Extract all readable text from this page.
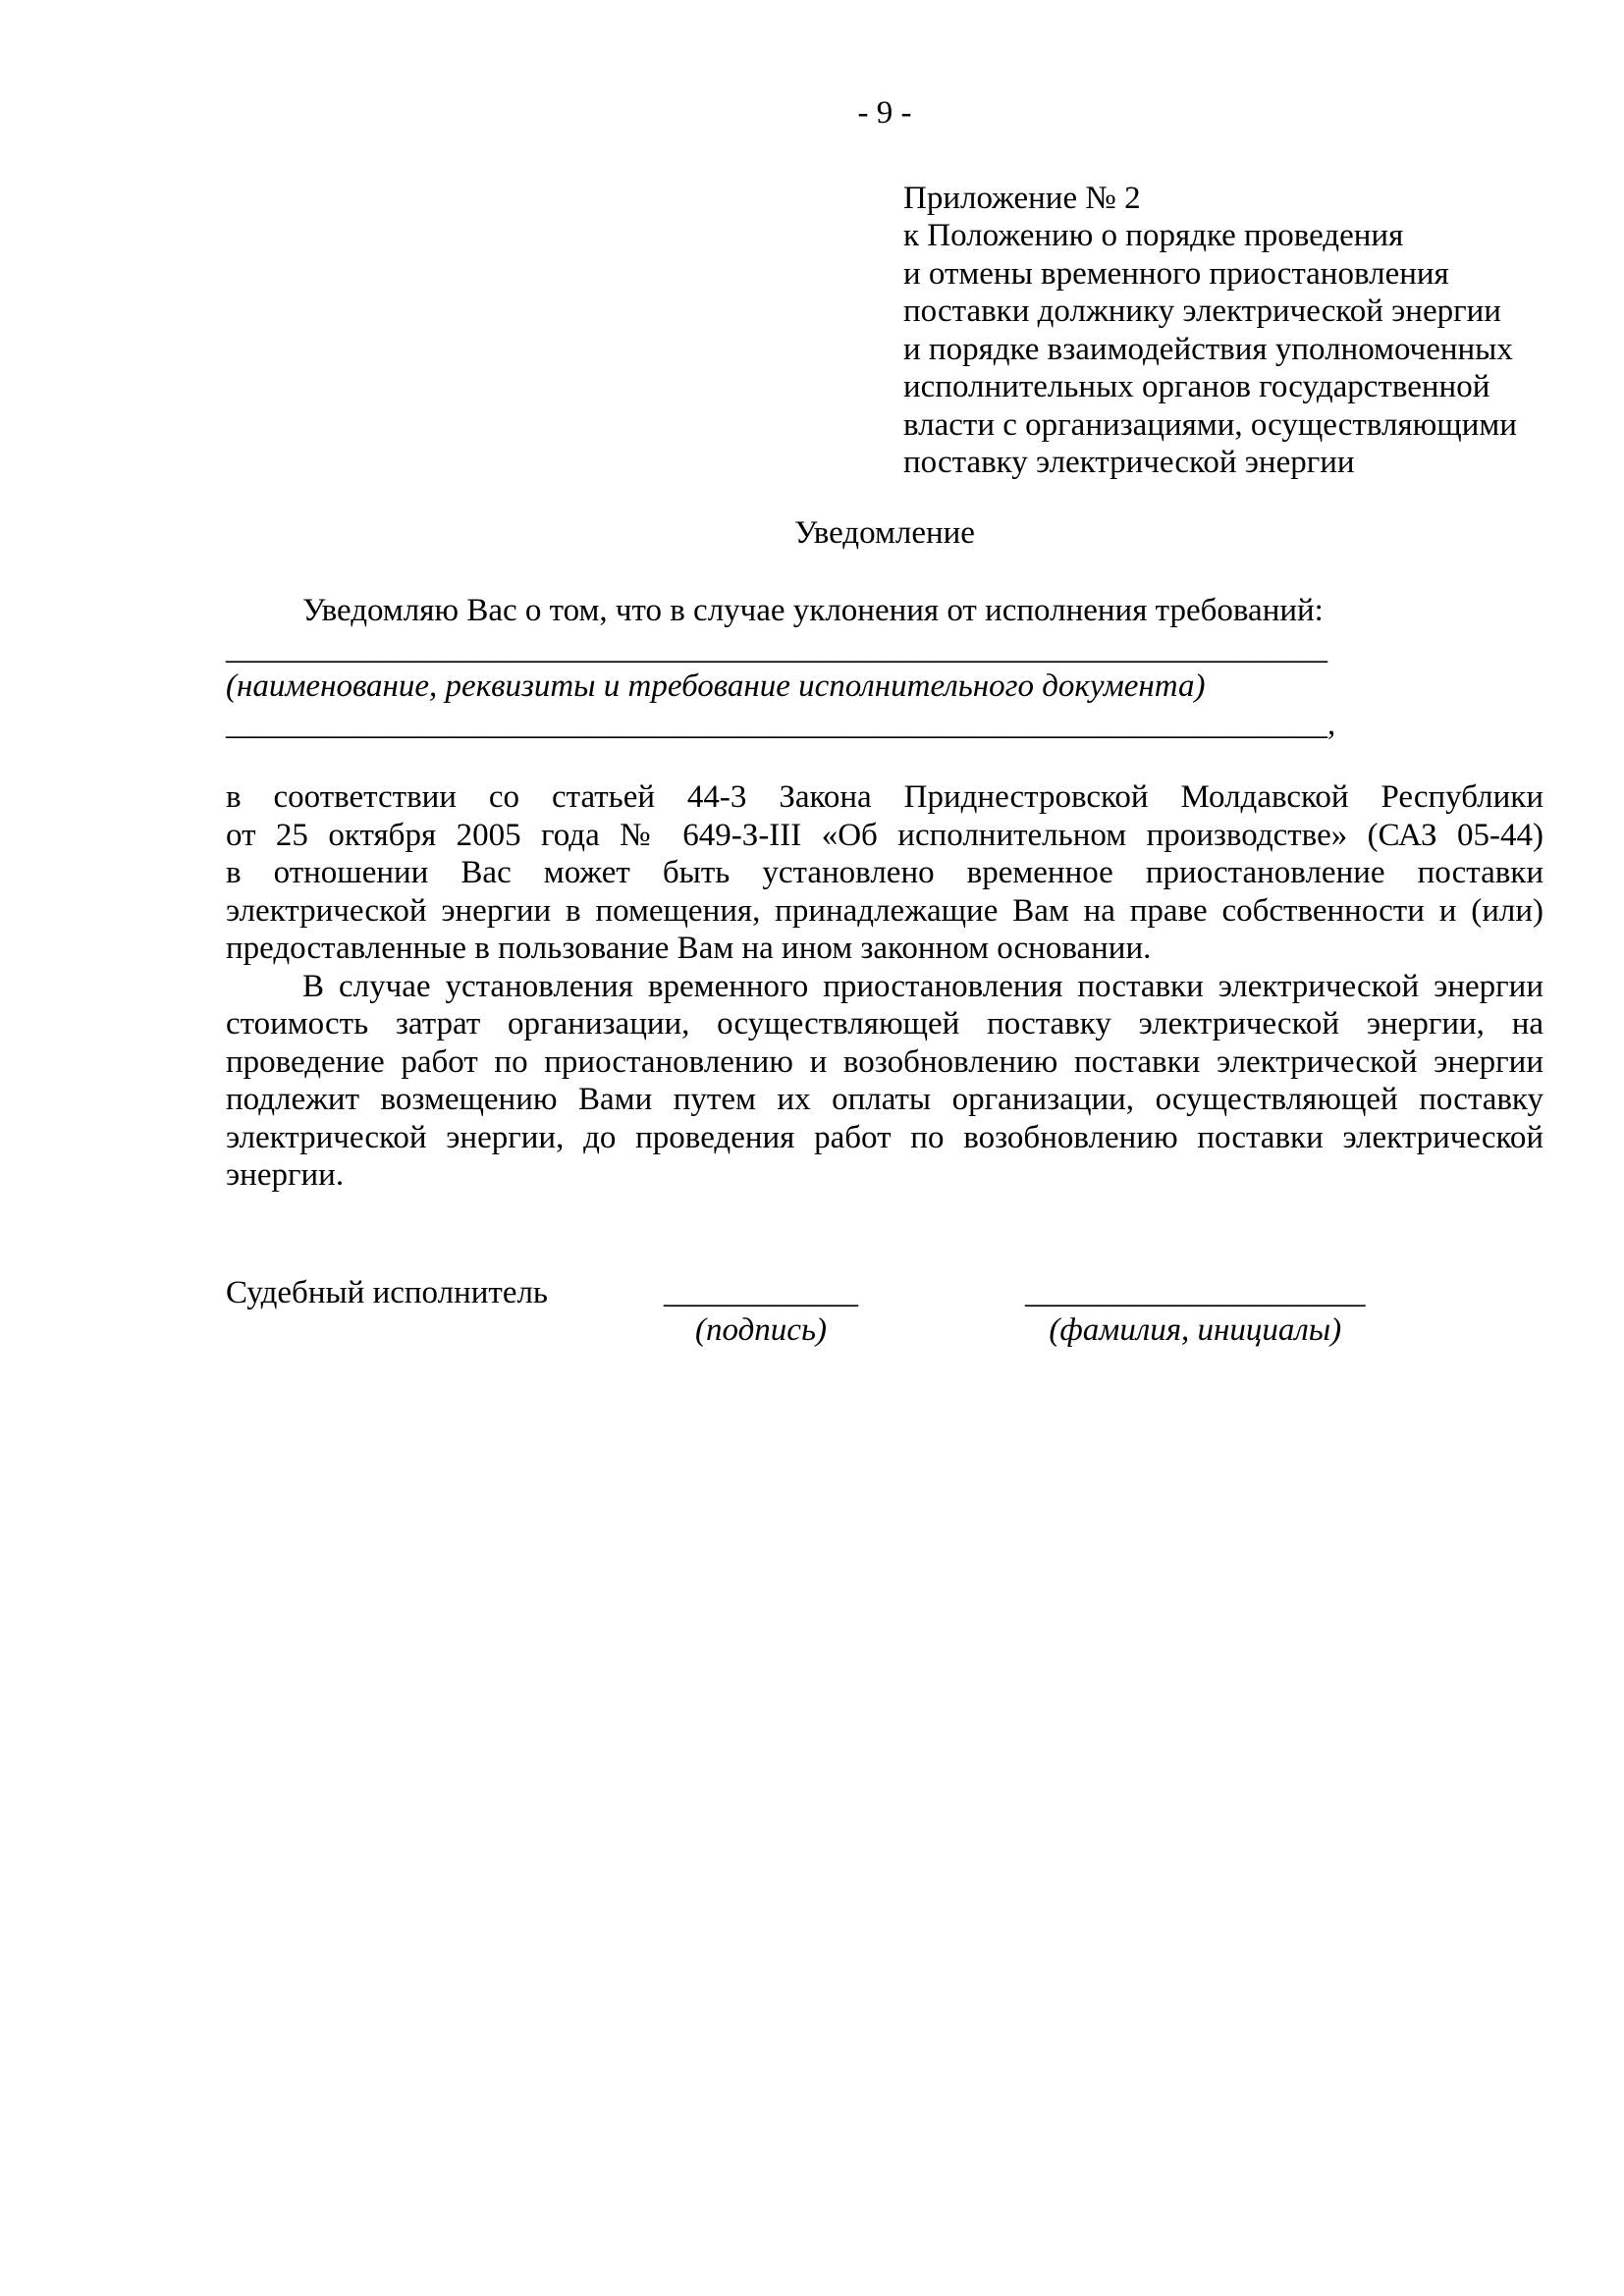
- 9 -
Приложение № 2
к Положению о порядке проведения
и отмены временного приостановления
поставки должнику электрической энергии
и порядке взаимодействия уполномоченных
исполнительных органов государственной
власти с организациями, осуществляющими
поставку электрической энергии
Уведомление
Уведомляю Вас о том, что в случае уклонения от исполнения требований:
____________________________________________________________________
(наименование, реквизиты и требование исполнительного документа)
____________________________________________________________________,
в соответствии со статьей 44-3 Закона Приднестровской Молдавской Республики
от 25 октября 2005 года № 649-З-III «Об исполнительном производстве» (САЗ 05-44)
в отношении Вас может быть установлено временное приостановление поставки
электрической энергии в помещения, принадлежащие Вам на праве собственности и (или)
предоставленные в пользование Вам на ином законном основании.
В случае установления временного приостановления поставки электрической энергии
стоимость затрат организации, осуществляющей поставку электрической энергии, на
проведение работ по приостановлению и возобновлению поставки электрической энергии
подлежит возмещению Вами путем их оплаты организации, осуществляющей поставку
электрической энергии, до проведения работ по возобновлению поставки электрической
энергии.
Судебный исполнитель	____________
(подпись)
_____________________
(фамилия, инициалы)
